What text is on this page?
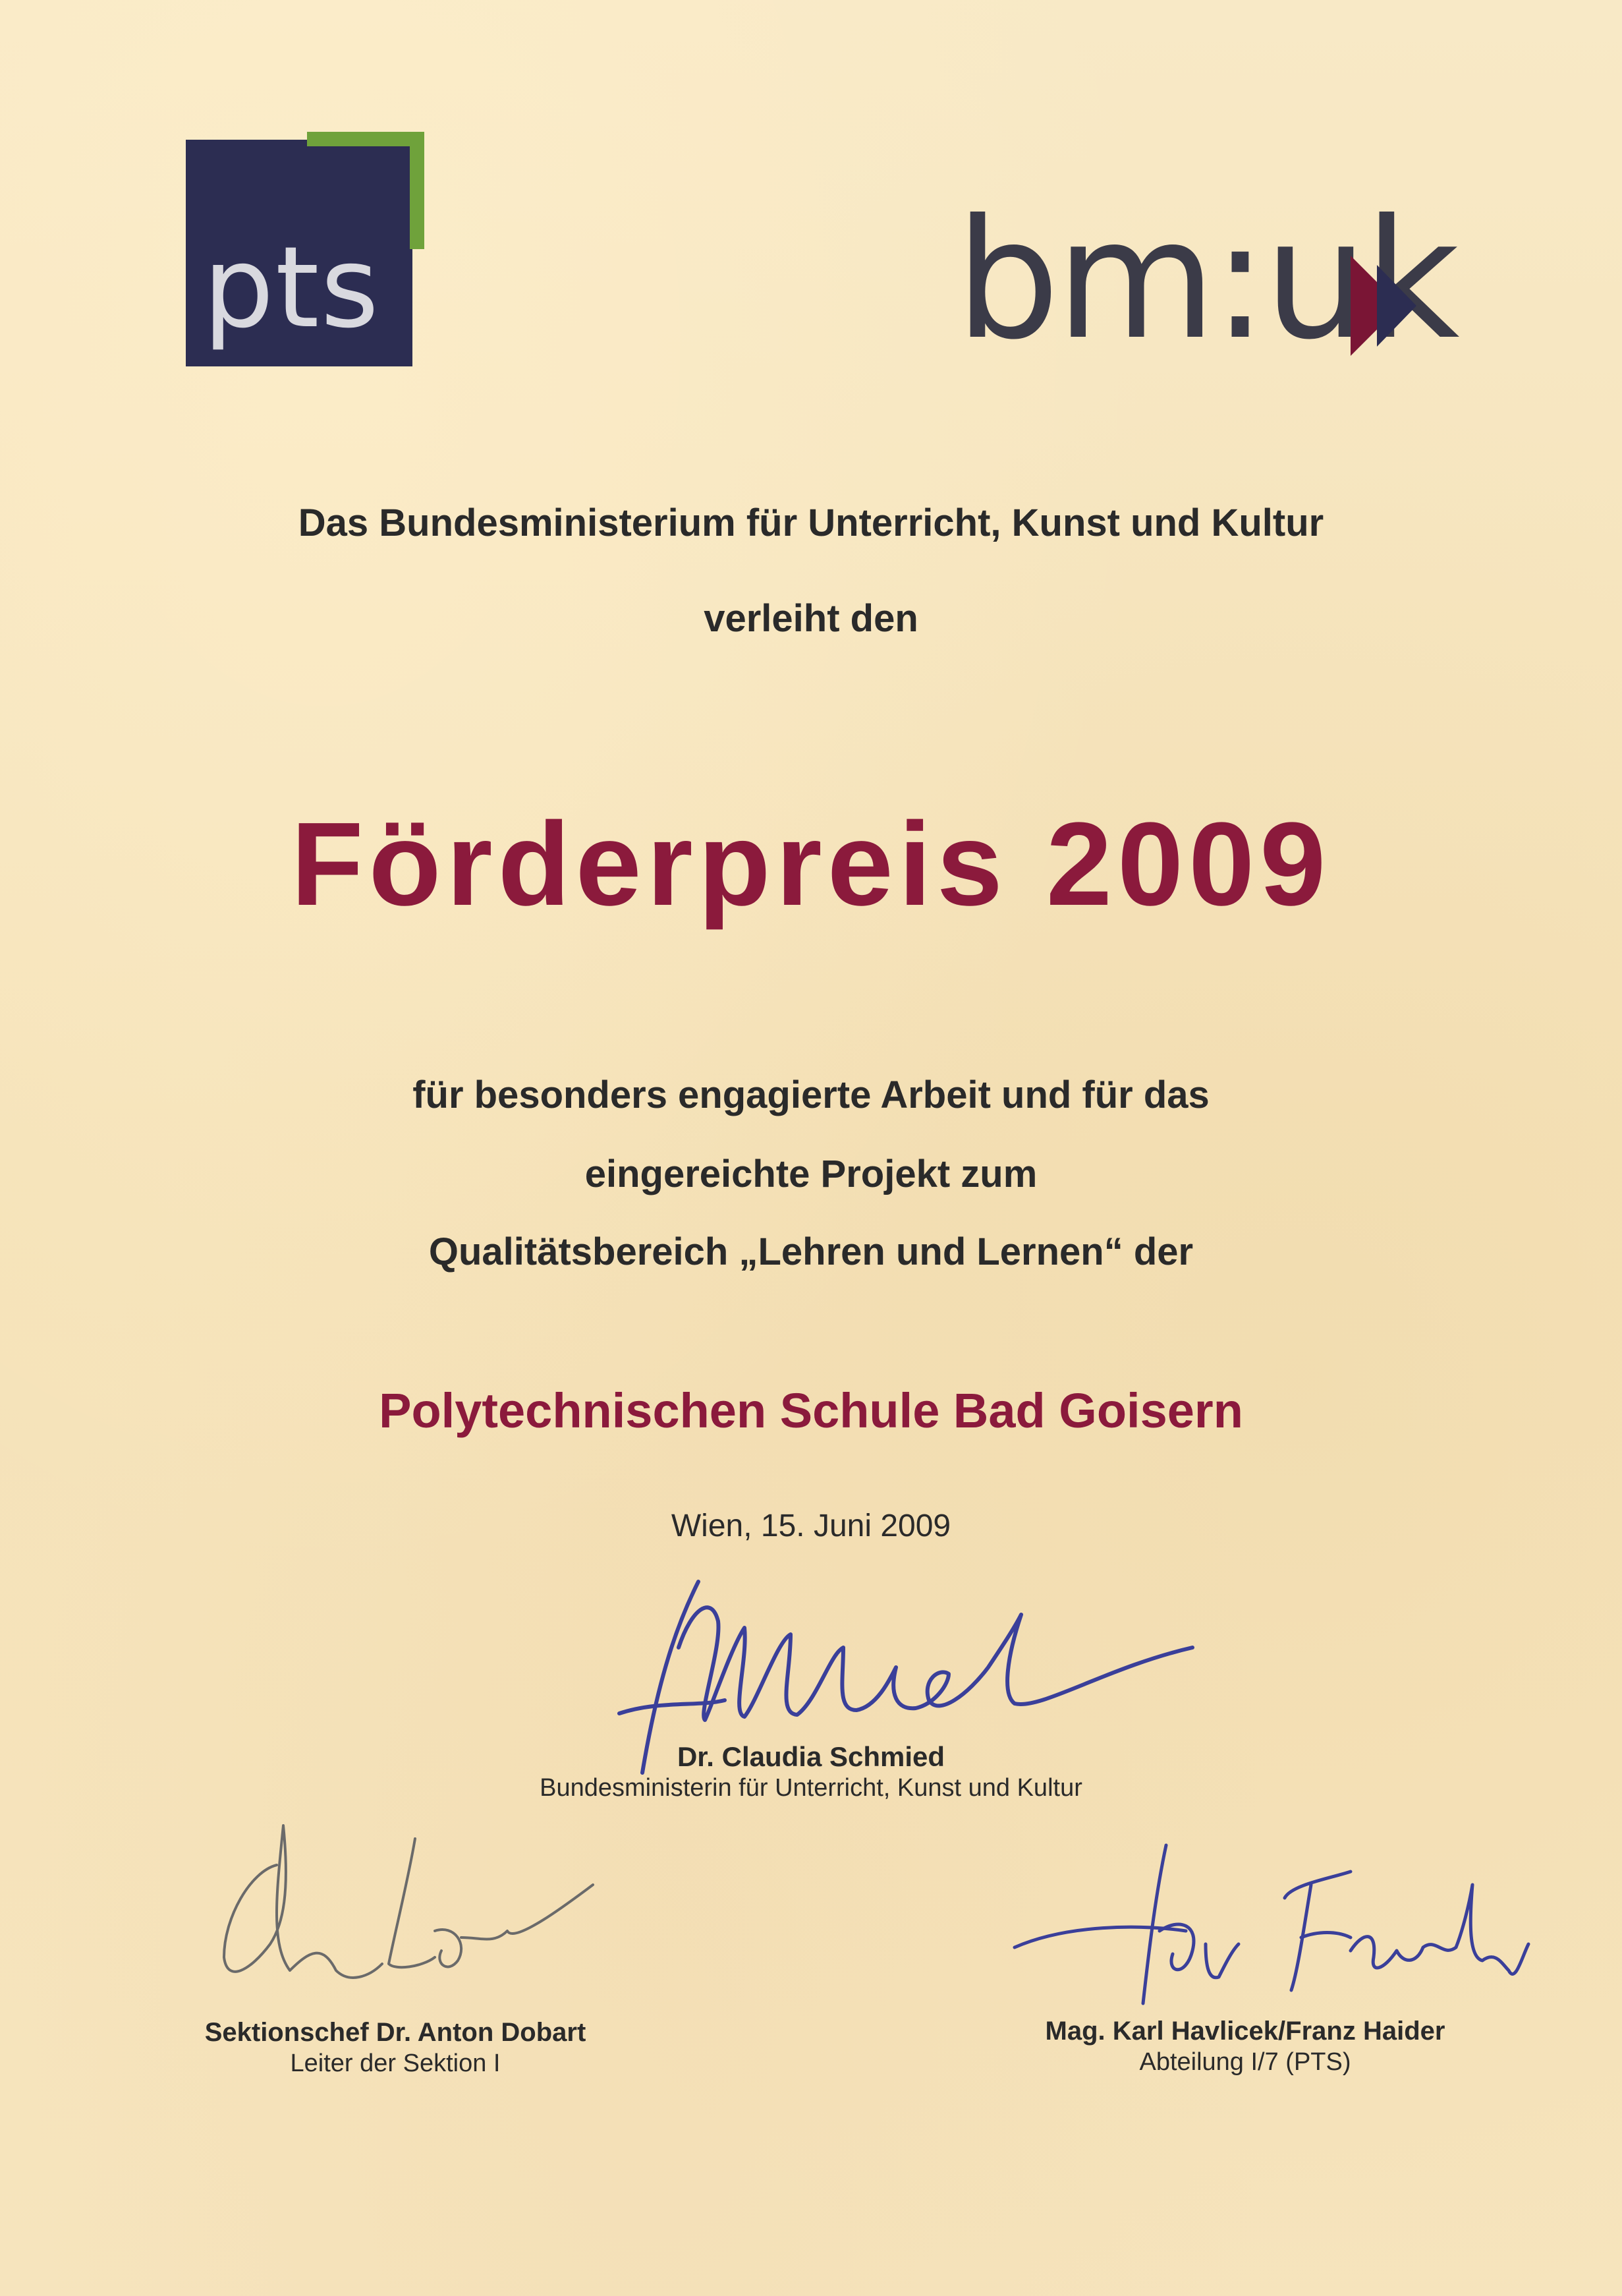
pts	bm:uk
Das Bundesministerium für Unterricht, Kunst und Kultur
verleiht den
Förderpreis 2009
für besonders engagierte Arbeit und für das
eingereichte Projekt zum
Qualitätsbereich „Lehren und Lernen“ der
Polytechnischen Schule Bad Goisern
Wien, 15. Juni 2009
Dr. Claudia Schmied
Bundesministerin für Unterricht, Kunst und Kultur
Sektionschef Dr. Anton Dobart
Leiter der Sektion I
Mag. Karl Havlicek/Franz Haider
Abteilung I/7 (PTS)
